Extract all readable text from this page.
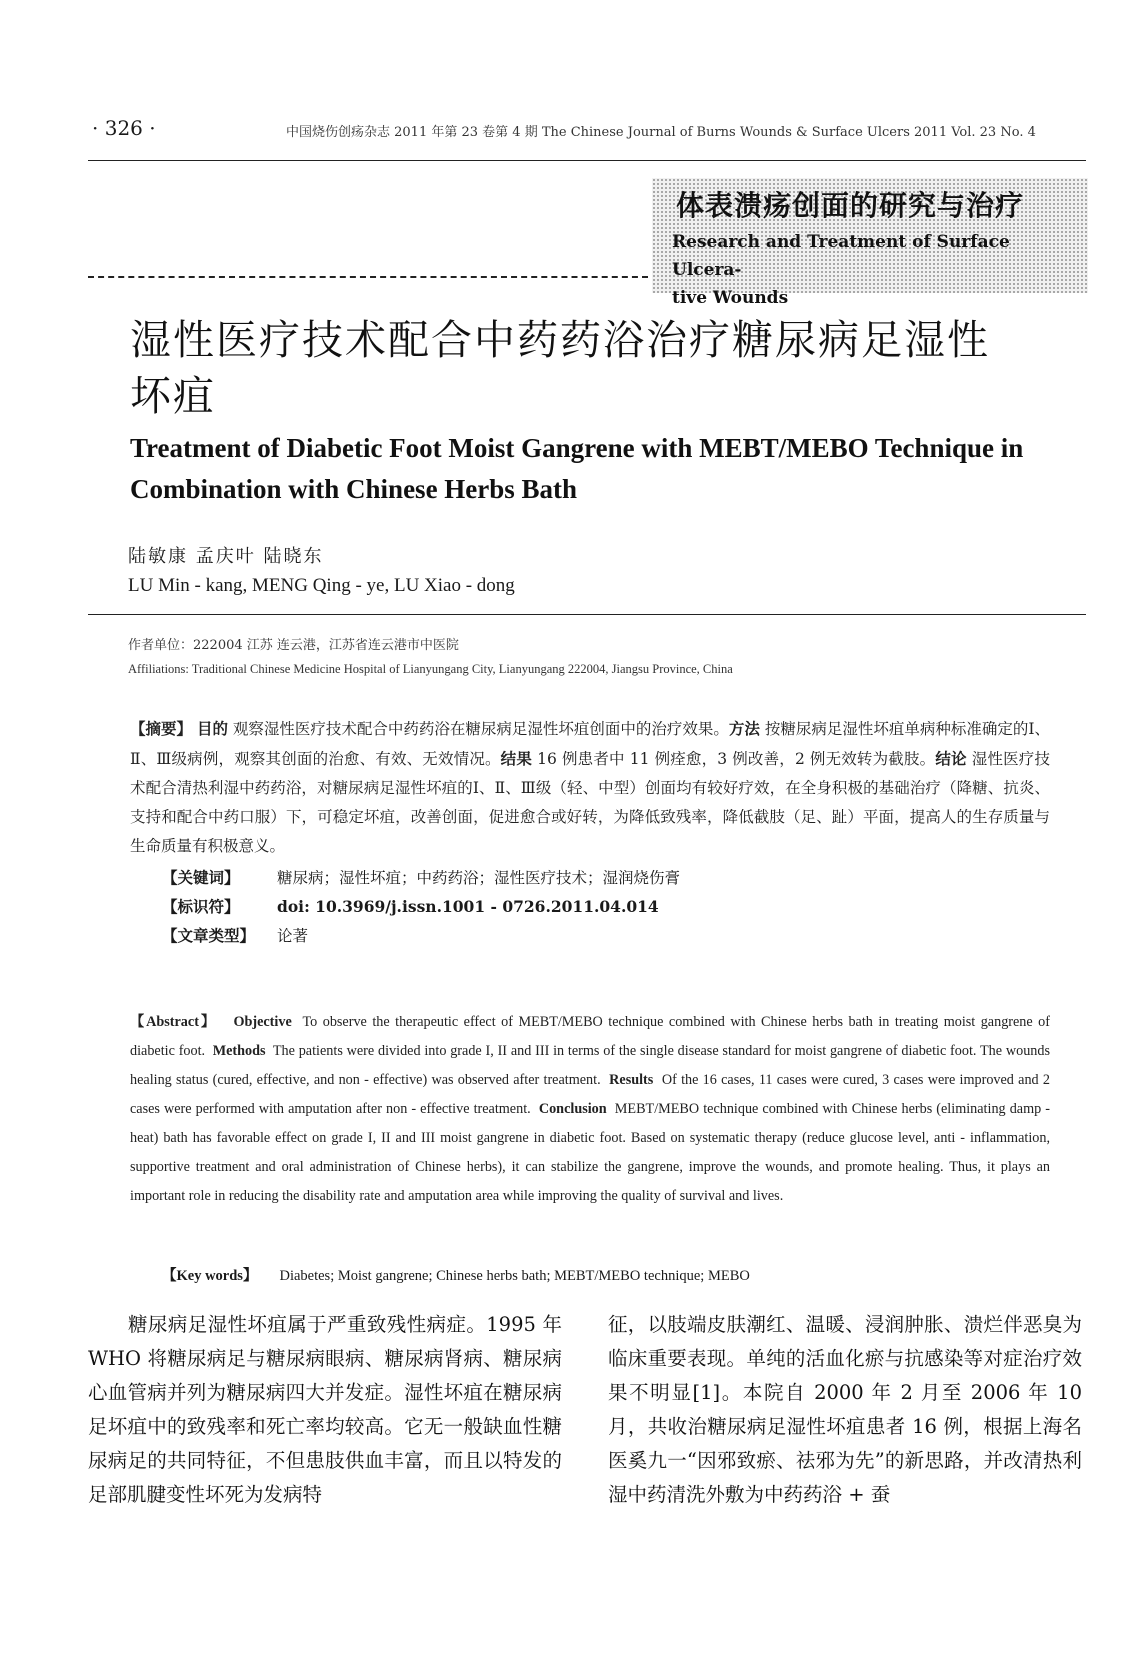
· 326 ·	中国烧伤创疡杂志 2011 年第 23 卷第 4 期 The Chinese Journal of Burns Wounds & Surface Ulcers 2011 Vol. 23 No. 4
体表溃疡创面的研究与治疗
Research and Treatment of Surface Ulcera-
tive Wounds
湿性医疗技术配合中药药浴治疗糖尿病足湿性坏疽
Treatment of Diabetic Foot Moist Gangrene with MEBT/MEBO Technique in Combination with Chinese Herbs Bath
陆敏康 孟庆叶 陆晓东
LU Min - kang, MENG Qing - ye, LU Xiao - dong
作者单位：222004 江苏 连云港，江苏省连云港市中医院
Affiliations: Traditional Chinese Medicine Hospital of Lianyungang City, Lianyungang 222004, Jiangsu Province, China
【摘要】 目的 观察湿性医疗技术配合中药药浴在糖尿病足湿性坏疽创面中的治疗效果。方法 按糖尿病足湿性坏疽单病种标准确定的Ⅰ、Ⅱ、Ⅲ级病例，观察其创面的治愈、有效、无效情况。结果 16 例患者中 11 例痊愈，3 例改善，2 例无效转为截肢。结论 湿性医疗技术配合清热利湿中药药浴，对糖尿病足湿性坏疽的Ⅰ、Ⅱ、Ⅲ级（轻、中型）创面均有较好疗效，在全身积极的基础治疗（降糖、抗炎、支持和配合中药口服）下，可稳定坏疽，改善创面，促进愈合或好转，为降低致残率，降低截肢（足、趾）平面，提高人的生存质量与生命质量有积极意义。
【关键词】 糖尿病；湿性坏疽；中药药浴；湿性医疗技术；湿润烧伤膏
【标识符】 doi: 10.3969/j.issn.1001 - 0726.2011.04.014
【文章类型】 论著
【Abstract】 Objective To observe the therapeutic effect of MEBT/MEBO technique combined with Chinese herbs bath in treating moist gangrene of diabetic foot. Methods The patients were divided into grade I, II and III in terms of the single disease standard for moist gangrene of diabetic foot. The wounds healing status (cured, effective, and non - effective) was observed after treatment. Results Of the 16 cases, 11 cases were cured, 3 cases were improved and 2 cases were performed with amputation after non - effective treatment. Conclusion MEBT/MEBO technique combined with Chinese herbs (eliminating damp - heat) bath has favorable effect on grade I, II and III moist gangrene in diabetic foot. Based on systematic therapy (reduce glucose level, anti - inflammation, supportive treatment and oral administration of Chinese herbs), it can stabilize the gangrene, improve the wounds, and promote healing. Thus, it plays an important role in reducing the disability rate and amputation area while improving the quality of survival and lives.
【Key words】 Diabetes; Moist gangrene; Chinese herbs bath; MEBT/MEBO technique; MEBO
糖尿病足湿性坏疽属于严重致残性病症。1995 年 WHO 将糖尿病足与糖尿病眼病、糖尿病肾病、糖尿病心血管病并列为糖尿病四大并发症。湿性坏疽在糖尿病足坏疽中的致残率和死亡率均较高。它无一般缺血性糖尿病足的共同特征，不但患肢供血丰富，而且以特发的足部肌腱变性坏死为发病特
征，以肢端皮肤潮红、温暖、浸润肿胀、溃烂伴恶臭为临床重要表现。单纯的活血化瘀与抗感染等对症治疗效果不明显[1]。本院自 2000 年 2 月至 2006 年 10 月，共收治糖尿病足湿性坏疽患者 16 例，根据上海名医奚九一“因邪致瘀、祛邪为先”的新思路，并改清热利湿中药清洗外敷为中药药浴 + 蚕
